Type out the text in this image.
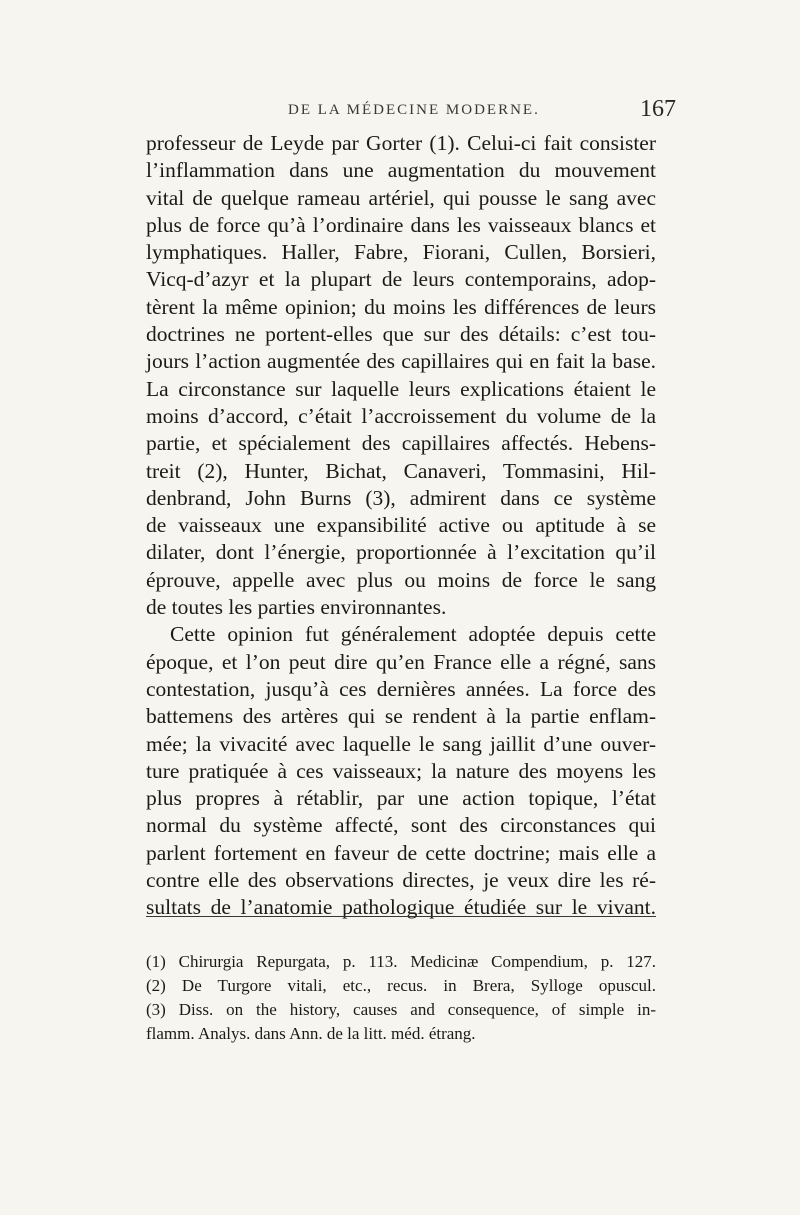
DE LA MÉDECINE MODERNE.	167
professeur de Leyde par Gorter (1). Celui-ci fait consister
l’inflammation dans une augmentation du mouvement
vital de quelque rameau artériel, qui pousse le sang avec
plus de force qu’à l’ordinaire dans les vaisseaux blancs et
lymphatiques. Haller, Fabre, Fiorani, Cullen, Borsieri,
Vicq-d’azyr et la plupart de leurs contemporains, adop-
tèrent la même opinion; du moins les différences de leurs
doctrines ne portent-elles que sur des détails: c’est tou-
jours l’action augmentée des capillaires qui en fait la base.
La circonstance sur laquelle leurs explications étaient le
moins d’accord, c’était l’accroissement du volume de la
partie, et spécialement des capillaires affectés. Hebens-
treit (2), Hunter, Bichat, Canaveri, Tommasini, Hil-
denbrand, John Burns (3), admirent dans ce système
de vaisseaux une expansibilité active ou aptitude à se
dilater, dont l’énergie, proportionnée à l’excitation qu’il
éprouve, appelle avec plus ou moins de force le sang
de toutes les parties environnantes.
Cette opinion fut généralement adoptée depuis cette
époque, et l’on peut dire qu’en France elle a régné, sans
contestation, jusqu’à ces dernières années. La force des
battemens des artères qui se rendent à la partie enflam-
mée; la vivacité avec laquelle le sang jaillit d’une ouver-
ture pratiquée à ces vaisseaux; la nature des moyens les
plus propres à rétablir, par une action topique, l’état
normal du système affecté, sont des circonstances qui
parlent fortement en faveur de cette doctrine; mais elle a
contre elle des observations directes, je veux dire les ré-
sultats de l’anatomie pathologique étudiée sur le vivant.
(1) Chirurgia Repurgata, p. 113. Medicinæ Compendium, p. 127.
(2) De Turgore vitali, etc., recus. in Brera, Sylloge opuscul.
(3) Diss. on the history, causes and consequence, of simple in-
flamm. Analys. dans Ann. de la litt. méd. étrang.
